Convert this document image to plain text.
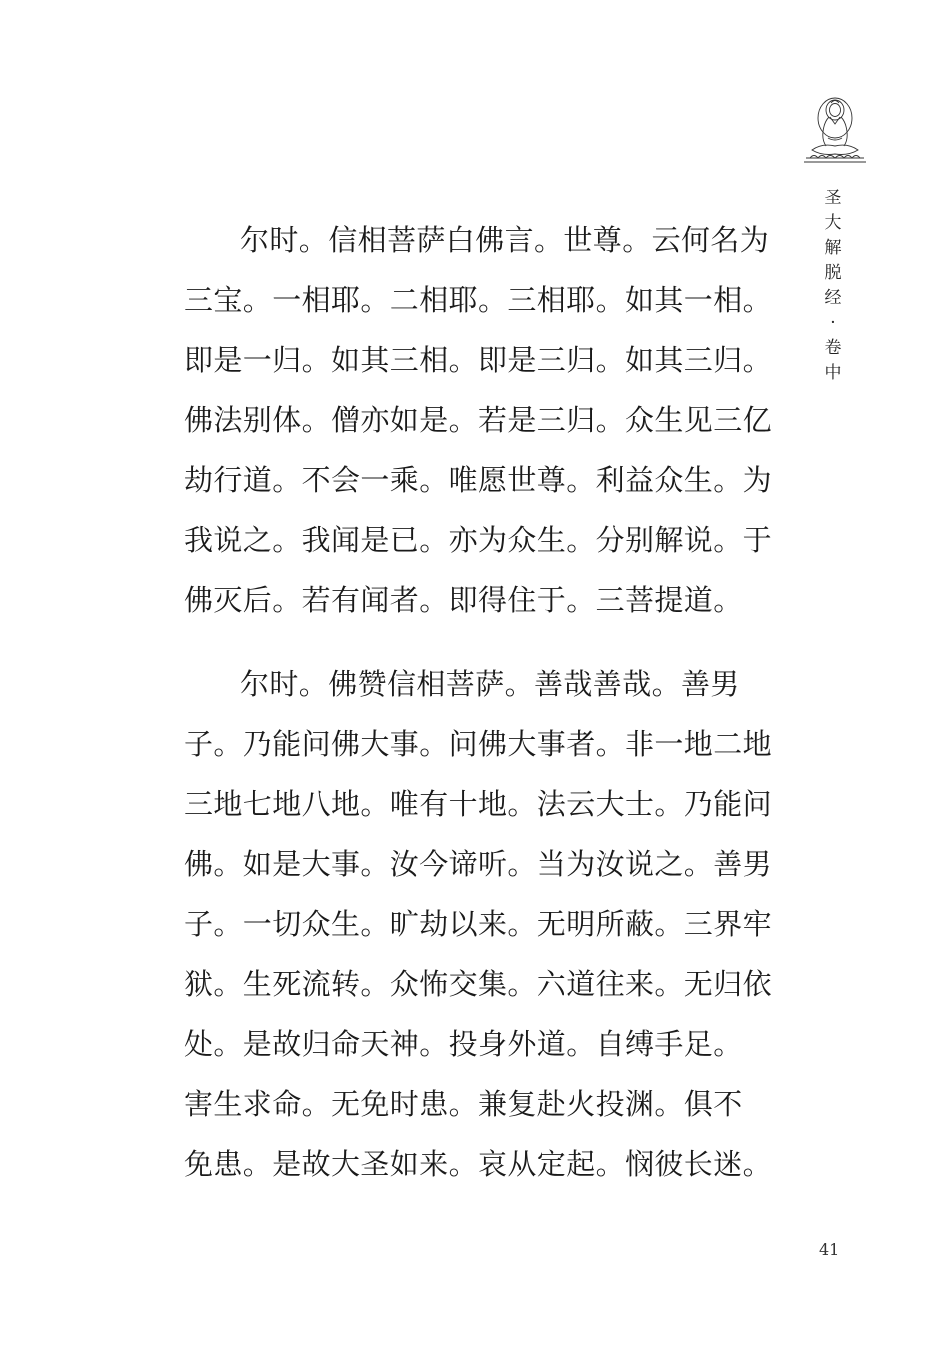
圣
大
解
脱
经
·
卷
中
尔时。信相菩萨白佛言。世尊。云何名为
三宝。一相耶。二相耶。三相耶。如其一相。
即是一归。如其三相。即是三归。如其三归。
佛法别体。僧亦如是。若是三归。众生见三亿
劫行道。不会一乘。唯愿世尊。利益众生。为
我说之。我闻是已。亦为众生。分别解说。于
佛灭后。若有闻者。即得住于。三菩提道。
尔时。佛赞信相菩萨。善哉善哉。善男
子。乃能问佛大事。问佛大事者。非一地二地
三地七地八地。唯有十地。法云大士。乃能问
佛。如是大事。汝今谛听。当为汝说之。善男
子。一切众生。旷劫以来。无明所蔽。三界牢
狱。生死流转。众怖交集。六道往来。无归依
处。是故归命天神。投身外道。自缚手足。
害生求命。无免时患。兼复赴火投渊。俱不
免患。是故大圣如来。哀从定起。悯彼长迷。
41
